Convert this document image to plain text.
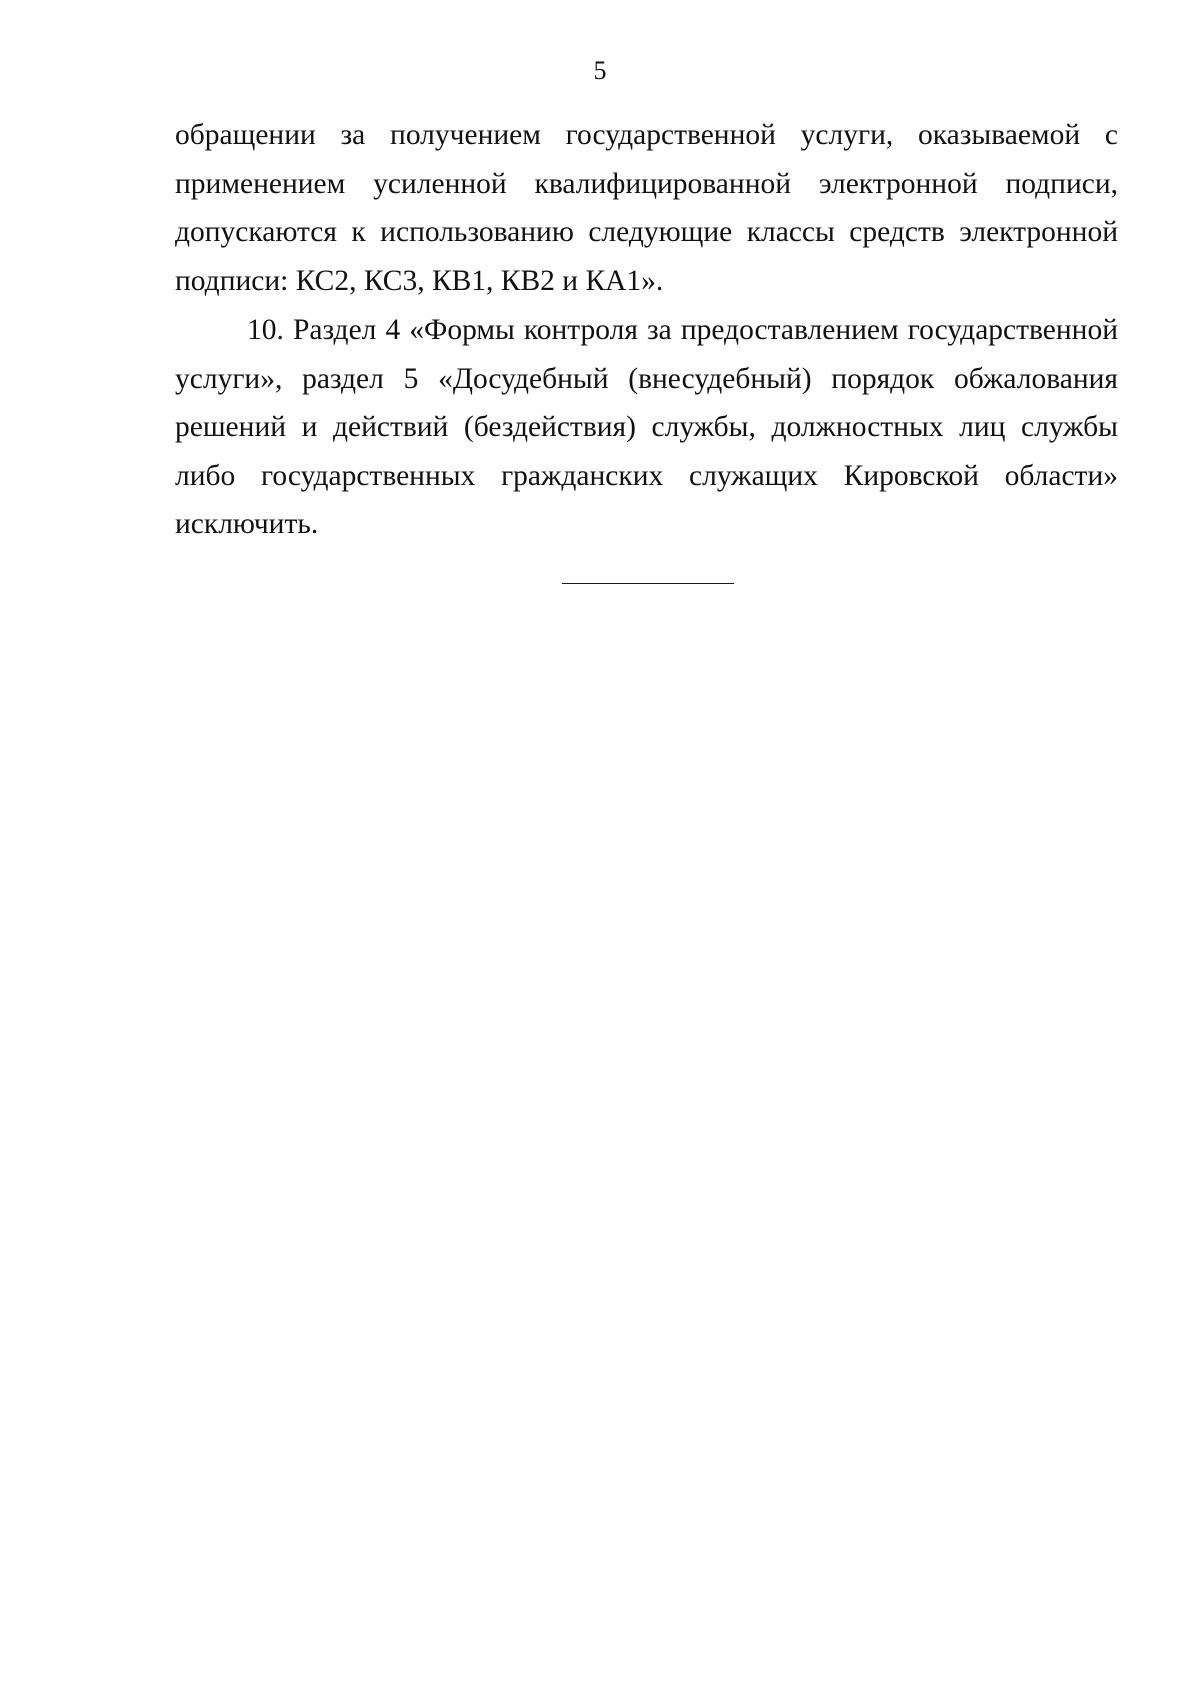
5

обращении за получением государственной услуги, оказываемой с применением усиленной квалифицированной электронной подписи, допускаются к использованию следующие классы средств электронной подписи: КС2, КС3, КВ1, КВ2 и КА1».

10. Раздел 4 «Формы контроля за предоставлением государственной услуги», раздел 5 «Досудебный (внесудебный) порядок обжалования решений и действий (бездействия) службы, должностных лиц службы либо государственных гражданских служащих Кировской области» исключить.
